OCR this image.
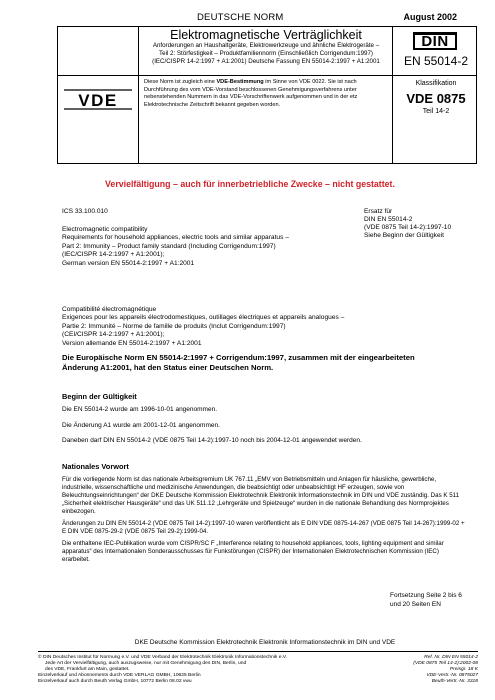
DEUTSCHE NORM	August 2002
Elektromagnetische Verträglichkeit
Anforderungen an Haushaltgeräte, Elektrowerkzeuge und ähnliche Elektrogeräte –
Teil 2: Störfestigkeit – Produktfamiliennorm (Einschließlich Corrigendum:1997)
(IEC/CISPR 14-2:1997 + A1:2001) Deutsche Fassung EN 55014-2:1997 + A1:2001
DIN
EN 55014-2
VDE
Diese Norm ist zugleich eine VDE-Bestimmung im Sinne von VDE 0022. Sie ist nach Durchführung des vom VDE-Vorstand beschlossenen Genehmigungsverfahrens unter nebenstehenden Nummern in das VDE-Vorschriftenwerk aufgenommen und in der etz Elektrotechnische Zeitschrift bekannt gegeben worden.
Klassifikation
VDE 0875
Teil 14-2
Vervielfältigung – auch für innerbetriebliche Zwecke – nicht gestattet.
ICS 33.100.010	Ersatz für
DIN EN 55014-2
(VDE 0875 Teil 14-2):1997-10
Siehe Beginn der Gültigkeit
Electromagnetic compatibility
Requirements for household appliances, electric tools and similar apparatus –
Part 2: Immunity – Product family standard (Including Corrigendum:1997)
(IEC/CISPR 14-2:1997 + A1:2001);
German version EN 55014-2:1997 + A1:2001
Compatibilité électromagnétique
Exigences pour les appareils électrodomestiques, outillages électriques et appareils analogues –
Partie 2: Immunité – Norme de famille de produits (Inclut Corrigendum:1997)
(CEI/CISPR 14-2:1997 + A1:2001);
Version allemande EN 55014-2:1997 + A1:2001
Die Europäische Norm EN 55014-2:1997 + Corrigendum:1997, zusammen mit der eingearbeiteten Änderung A1:2001, hat den Status einer Deutschen Norm.
Beginn der Gültigkeit
Die EN 55014-2 wurde am 1996-10-01 angenommen.
Die Änderung A1 wurde am 2001-12-01 angenommen.
Daneben darf DIN EN 55014-2 (VDE 0875 Teil 14-2):1997-10 noch bis 2004-12-01 angewendet werden.
Nationales Vorwort

Für die vorliegende Norm ist das nationale Arbeitsgremium UK 767.11 „EMV von Betriebsmitteln und Anlagen für häusliche, gewerbliche, industrielle, wissenschaftliche und medizinische Anwendungen, die beabsichtigt oder unbeabsichtigt HF erzeugen, sowie von Beleuchtungseinrichtungen“ der DKE Deutsche Kommission Elektrotechnik Elektronik Informationstechnik im DIN und VDE zuständig. Das K 511 „Sicherheit elektrischer Hausgeräte“ und das UK 511.12 „Lehrgeräte und Spielzeuge“ wurden in die nationale Behandlung des Normprojektes einbezogen.

Änderungen zu DIN EN 55014-2 (VDE 0875 Teil 14-2):1997-10 waren veröffentlicht als E DIN VDE 0875-14-267 (VDE 0875 Teil 14-267):1999-02 + E DIN VDE 0875-29-2 (VDE 0875 Teil 29-2):1999-04.

Die enthaltene IEC-Publikation wurde vom CISPR/SC F „Interference relating to household appliances, tools, lighting equipment and similar apparatus“ des Internationalen Sonderausschusses für Funkstörungen (CISPR) der Internationalen Elektrotechnischen Kommission (IEC) erarbeitet.

Fortsetzung Seite 2 bis 6
und 20 Seiten EN
DKE Deutsche Kommission Elektrotechnik Elektronik Informationstechnik im DIN und VDE
© DIN Deutsches Institut für Normung e.V. und VDE Verband der Elektrotechnik Elektronik Informationstechnik e.V.
Jede Art der Vervielfältigung, auch auszugsweise, nur mit Genehmigung des DIN, Berlin, und
des VDE, Frankfurt am Main, gestattet.
Einzelverkauf und Abonnements durch VDE VERLAG GMBH, 10625 Berlin
Einzelverkauf auch durch Beuth Verlag GmbH, 10772 Berlin 08.02 vwu
Ref. Nr. DIN EN 55014-2
(VDE 0875 Teil 14-2):2002-08
Preisgr. 18 K
VDE-Vertr.-Nr. 0875027
Beuth-Vertr.-Nr. 3318
